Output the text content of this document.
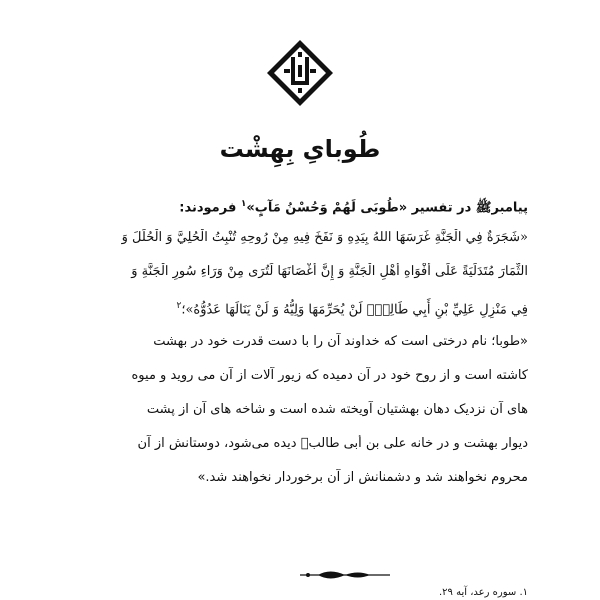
طُوبایِ بِهِشْت
پیامبرﷺ در تفسیر «طُوبَى لَهُمْ وَحُسْنُ مَآبٍ»$^۱$ فرمودند:
«شَجَرَةٌ فِي الْجَنَّةِ غَرَسَهَا اللهُ بِيَدِهِ وَ نَفَخَ فِيهِ مِنْ رُوحِهِ تُنْبِتُ الْحُلِيَّ وَ الْحُلَلَ وَ
الثِّمَارَ مُتَدَلِّيَةً عَلَى أَفْوَاهِ أَهْلِ الْجَنَّةِ وَ إِنَّ أَغْصَانَهَا لَتُرَى مِنْ وَرَاءِ سُورِ الْجَنَّةِ وَ
فِي مَنْزِلِ عَلِيِّ بْنِ أَبِي طَالِبٍؑ لَنْ يُحَرِّمَهَا وَلِيُّهُ وَ لَنْ يَنَالَهَا عَدُوُّهُ»؛$^۲$
«طوبا؛ نام درختی است که خداوند آن را با دست قدرت خود در بهشت
کاشته است و از روح خود در آن دمیده که زیور آلات از آن می روید و میوه
های آن نزدیک دهان بهشتیان آویخته شده است و شاخه های آن از پشت
دیوار بهشت و در خانه علی بن أبی طالبؑ دیده می‌شود، دوستانش از آن
محروم نخواهند شد و دشمنانش از آن برخوردار نخواهند شد.»
۱. سوره رعد، آیه ۲۹.
